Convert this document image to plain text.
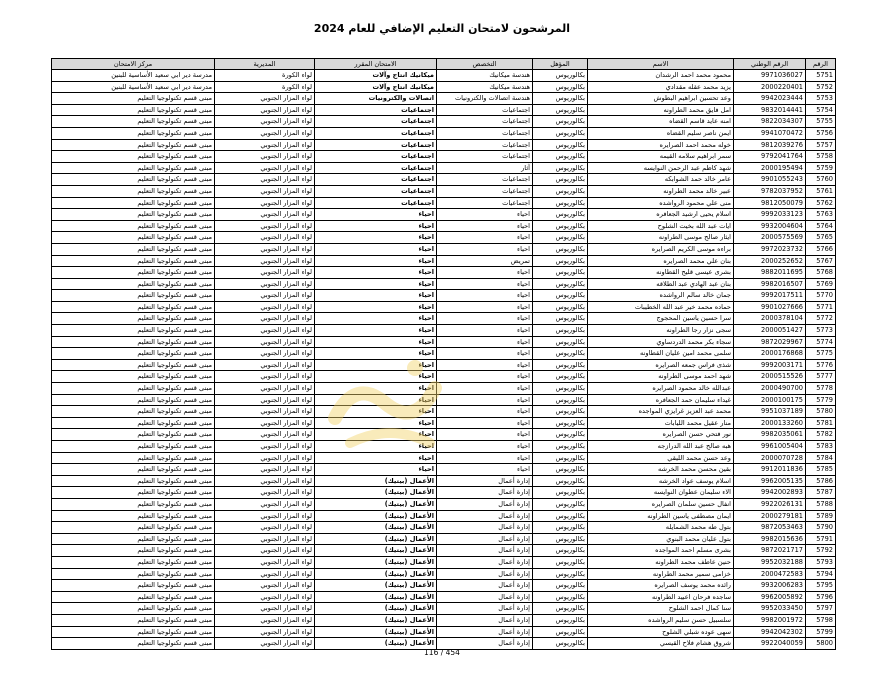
المرشحون لامتحان التعليم الإضافي للعام 2024
الرقم	الرقم الوطني	الاسم	المؤهل	التخصص	الامتحان المقرر	المديرية	مركز الامتحان
5751	9971036027	محمود محمد احمد الرشدان	بكالوريوس	هندسة ميكانيك	ميكانيك انتاج وآلات	لواء الكورة	مدرسة دير ابي سعيد الأساسية للبنين
5752	2000220401	يزيد محمد عقله مقدادي	بكالوريوس	هندسة ميكانيك	ميكانيك انتاج وآلات	لواء الكورة	مدرسة دير ابي سعيد الأساسية للبنين
5753	9942023444	وعد تحسين ابراهيم البطوش	بكالوريوس	هندسة اتصالات والكترونيات	اتصالات والكترونيات	لواء المزار الجنوبي	مبنى قسم تكنولوجيا التعليم
5754	9832014441	امل فايق محمد الطراونه	بكالوريوس	اجتماعيات	اجتماعيات	لواء المزار الجنوبي	مبنى قسم تكنولوجيا التعليم
5755	9822034307	امنه عايد قاسم القضاه	بكالوريوس	اجتماعيات	اجتماعيات	لواء المزار الجنوبي	مبنى قسم تكنولوجيا التعليم
5756	9941070472	ايمن ناصر سليم القضاه	بكالوريوس	اجتماعيات	اجتماعيات	لواء المزار الجنوبي	مبنى قسم تكنولوجيا التعليم
5757	9812039276	خوله محمد احمد الصرايره	بكالوريوس	اجتماعيات	اجتماعيات	لواء المزار الجنوبي	مبنى قسم تكنولوجيا التعليم
5758	9792041764	سمر ابراهيم سلامه القيمه	بكالوريوس	اجتماعيات	اجتماعيات	لواء المزار الجنوبي	مبنى قسم تكنولوجيا التعليم
5759	2000195494	شهد كاظم عبد الرحمن النوايسه	بكالوريوس	آثار	اجتماعيات	لواء المزار الجنوبي	مبنى قسم تكنولوجيا التعليم
5760	9901055243	عامر خالد حمد الشوابكه	بكالوريوس	اجتماعيات	اجتماعيات	لواء المزار الجنوبي	مبنى قسم تكنولوجيا التعليم
5761	9782037952	عبير خالد محمد الطراونه	بكالوريوس	اجتماعيات	اجتماعيات	لواء المزار الجنوبي	مبنى قسم تكنولوجيا التعليم
5762	9812050079	منى علي محمود الرواشده	بكالوريوس	اجتماعيات	اجتماعيات	لواء المزار الجنوبي	مبنى قسم تكنولوجيا التعليم
5763	9992033123	اسلام يحيى ارشيد الجعافره	بكالوريوس	احياء	احياء	لواء المزار الجنوبي	مبنى قسم تكنولوجيا التعليم
5764	9932004604	ايات عبد الله بخيت الشلوح	بكالوريوس	احياء	احياء	لواء المزار الجنوبي	مبنى قسم تكنولوجيا التعليم
5765	2000575569	ايثار صالح موسى الطراونه	بكالوريوس	احياء	احياء	لواء المزار الجنوبي	مبنى قسم تكنولوجيا التعليم
5766	9972023732	براءه موسى الكريم الصرايره	بكالوريوس	احياء	احياء	لواء المزار الجنوبي	مبنى قسم تكنولوجيا التعليم
5767	2000252652	بنان علي محمد الصرايره	بكالوريوس	تمريض	احياء	لواء المزار الجنوبي	مبنى قسم تكنولوجيا التعليم
5768	9882011695	بشرى عيسى قليح القطاونه	بكالوريوس	احياء	احياء	لواء المزار الجنوبي	مبنى قسم تكنولوجيا التعليم
5769	9982016507	بنان عبد الهادي عبد الطلاقه	بكالوريوس	احياء	احياء	لواء المزار الجنوبي	مبنى قسم تكنولوجيا التعليم
5770	9992017511	جمان خالد سالم الرواشده	بكالوريوس	احياء	احياء	لواء المزار الجنوبي	مبنى قسم تكنولوجيا التعليم
5771	9901027666	حماده محمد خير عبد الله الخطيبات	بكالوريوس	احياء	احياء	لواء المزار الجنوبي	مبنى قسم تكنولوجيا التعليم
5772	2000378104	سرا حسين ياسين المحجوج	بكالوريوس	احياء	احياء	لواء المزار الجنوبي	مبنى قسم تكنولوجيا التعليم
5773	2000051427	سجى نزار رجا الطراونه	بكالوريوس	احياء	احياء	لواء المزار الجنوبي	مبنى قسم تكنولوجيا التعليم
5774	9872029967	سجاء بكر محمد الدردساوي	بكالوريوس	احياء	احياء	لواء المزار الجنوبي	مبنى قسم تكنولوجيا التعليم
5775	2000176868	سلمى محمد امين عليان القطاونه	بكالوريوس	احياء	احياء	لواء المزار الجنوبي	مبنى قسم تكنولوجيا التعليم
5776	9992003171	شذى فراس جمعه الصرايره	بكالوريوس	احياء	احياء	لواء المزار الجنوبي	مبنى قسم تكنولوجيا التعليم
5777	2000515526	شهد احمد موسى الطراونه	بكالوريوس	احياء	احياء	لواء المزار الجنوبي	مبنى قسم تكنولوجيا التعليم
5778	2000490700	عبدالله خالد محمود الصرايره	بكالوريوس	احياء	احياء	لواء المزار الجنوبي	مبنى قسم تكنولوجيا التعليم
5779	2000100175	غيداء سليمان حمد الجعافره	بكالوريوس	احياء	احياء	لواء المزار الجنوبي	مبنى قسم تكنولوجيا التعليم
5780	9951037189	محمد عبد العزيز غرايزي المواجده	بكالوريوس	احياء	احياء	لواء المزار الجنوبي	مبنى قسم تكنولوجيا التعليم
5781	2000133260	منار عقيل محمد الليابات	بكالوريوس	احياء	احياء	لواء المزار الجنوبي	مبنى قسم تكنولوجيا التعليم
5782	9982035061	نور فتحي حسن الصرايره	بكالوريوس	احياء	احياء	لواء المزار الجنوبي	مبنى قسم تكنولوجيا التعليم
5783	9961005404	هبه صالح عبد الله الدرازجه	بكالوريوس	احياء	احياء	لواء المزار الجنوبي	مبنى قسم تكنولوجيا التعليم
5784	2000070728	وعد حسن محمد الليقي	بكالوريوس	احياء	احياء	لواء المزار الجنوبي	مبنى قسم تكنولوجيا التعليم
5785	9912011836	بقين محسن محمد الخرشه	بكالوريوس	احياء	احياء	لواء المزار الجنوبي	مبنى قسم تكنولوجيا التعليم
5786	9962005135	اسلام يوسف عواد الخرشه	بكالوريوس	إدارة أعمال	الأعمال (بيتيك)	لواء المزار الجنوبي	مبنى قسم تكنولوجيا التعليم
5787	9942002893	الاء سليمان عطوان النوايسه	بكالوريوس	إدارة أعمال	الأعمال (بيتيك)	لواء المزار الجنوبي	مبنى قسم تكنولوجيا التعليم
5788	9922026131	انفال حسين سلمان الصرايره	بكالوريوس	إدارة أعمال	الأعمال (بيتيك)	لواء المزار الجنوبي	مبنى قسم تكنولوجيا التعليم
5789	2000279181	ايمان مصطفى ياسين الطراونه	بكالوريوس	إدارة أعمال	الأعمال (بيتيك)	لواء المزار الجنوبي	مبنى قسم تكنولوجيا التعليم
5790	9872053463	بتول طه محمد الشمايله	بكالوريوس	إدارة أعمال	الأعمال (بيتيك)	لواء المزار الجنوبي	مبنى قسم تكنولوجيا التعليم
5791	9982015636	بتول عليان محمد البنوي	بكالوريوس	إدارة أعمال	الأعمال (بيتيك)	لواء المزار الجنوبي	مبنى قسم تكنولوجيا التعليم
5792	9872021717	بشرى مسلم احمد المواجده	بكالوريوس	إدارة أعمال	الأعمال (بيتيك)	لواء المزار الجنوبي	مبنى قسم تكنولوجيا التعليم
5793	9952032188	حنين عاطف محمد الطراونه	بكالوريوس	إدارة أعمال	الأعمال (بيتيك)	لواء المزار الجنوبي	مبنى قسم تكنولوجيا التعليم
5794	2000472583	خزامى سمير محمد الطراونه	بكالوريوس	إدارة أعمال	الأعمال (بيتيك)	لواء المزار الجنوبي	مبنى قسم تكنولوجيا التعليم
5795	9932006283	رائده محمد يوسف الصرايره	بكالوريوس	إدارة أعمال	الأعمال (بيتيك)	لواء المزار الجنوبي	مبنى قسم تكنولوجيا التعليم
5796	9962005892	ساجده فرحان اعبيد الطراونه	بكالوريوس	إدارة أعمال	الأعمال (بيتيك)	لواء المزار الجنوبي	مبنى قسم تكنولوجيا التعليم
5797	9952033450	سنا كمال احمد الشلوح	بكالوريوس	إدارة أعمال	الأعمال (بيتيك)	لواء المزار الجنوبي	مبنى قسم تكنولوجيا التعليم
5798	9982001972	سلسبيل حسن سليم الرواشده	بكالوريوس	إدارة أعمال	الأعمال (بيتيك)	لواء المزار الجنوبي	مبنى قسم تكنولوجيا التعليم
5799	9942042302	سهى عوده شبلي الشلوح	بكالوريوس	إدارة أعمال	الأعمال (بيتيك)	لواء المزار الجنوبي	مبنى قسم تكنولوجيا التعليم
5800	9922040059	شروق هشام فلاح القيسي	بكالوريوس	إدارة أعمال	الأعمال (بيتيك)	لواء المزار الجنوبي	مبنى قسم تكنولوجيا التعليم
116 / 454
